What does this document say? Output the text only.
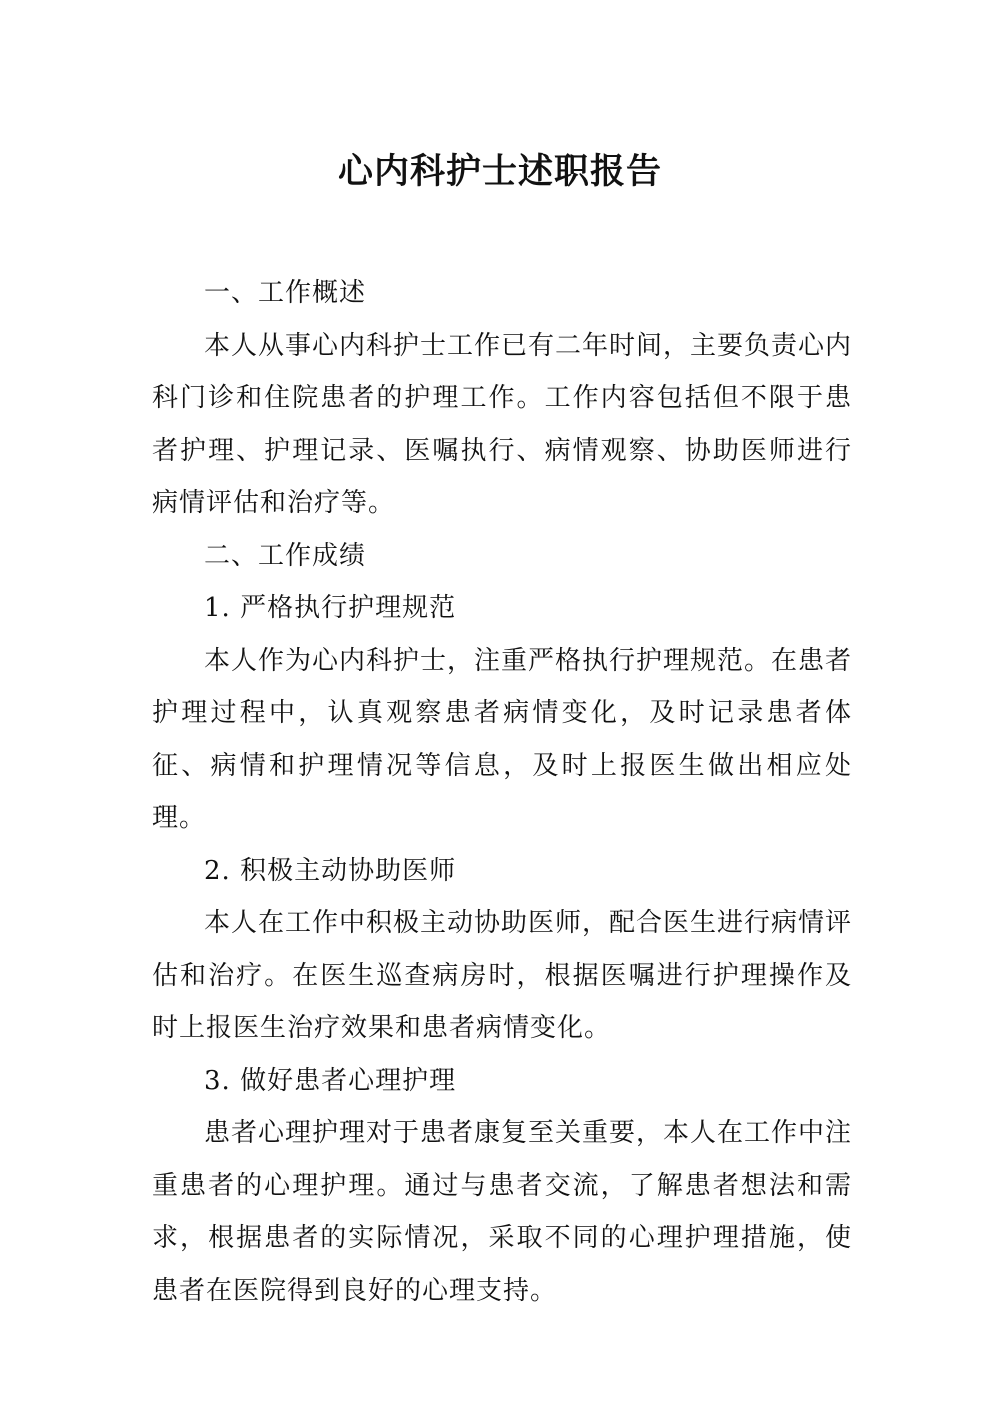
心内科护士述职报告

一、工作概述

本人从事心内科护士工作已有二年时间，主要负责心内科门诊和住院患者的护理工作。工作内容包括但不限于患者护理、护理记录、医嘱执行、病情观察、协助医师进行病情评估和治疗等。

二、工作成绩

1. 严格执行护理规范

本人作为心内科护士，注重严格执行护理规范。在患者护理过程中，认真观察患者病情变化，及时记录患者体征、病情和护理情况等信息，及时上报医生做出相应处理。

2. 积极主动协助医师

本人在工作中积极主动协助医师，配合医生进行病情评估和治疗。在医生巡查病房时，根据医嘱进行护理操作及时上报医生治疗效果和患者病情变化。

3. 做好患者心理护理

患者心理护理对于患者康复至关重要，本人在工作中注重患者的心理护理。通过与患者交流，了解患者想法和需求，根据患者的实际情况，采取不同的心理护理措施，使患者在医院得到良好的心理支持。
